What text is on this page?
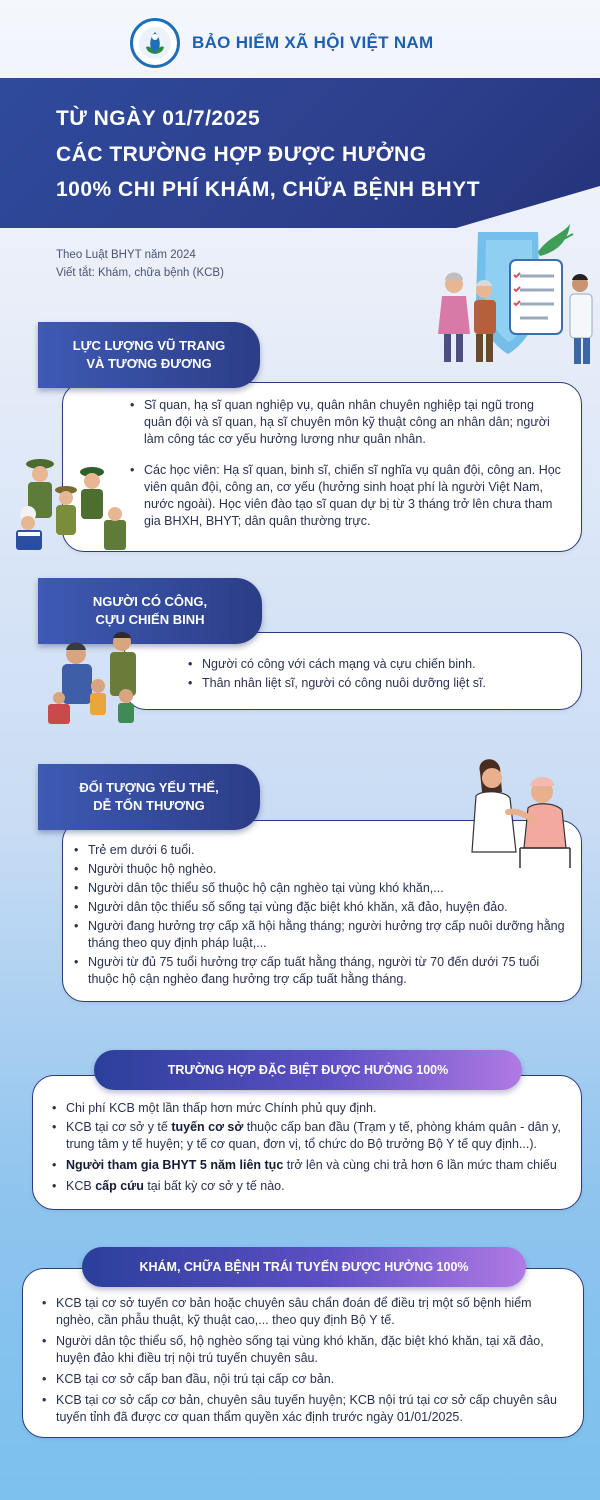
BẢO HIỂM XÃ HỘI VIỆT NAM
TỪ NGÀY 01/7/2025
CÁC TRƯỜNG HỢP ĐƯỢC HƯỞNG
100% CHI PHÍ KHÁM, CHỮA BỆNH BHYT
Theo Luật BHYT năm 2024
Viết tắt: Khám, chữa bệnh (KCB)
LỰC LƯỢNG VŨ TRANG
VÀ TƯƠNG ĐƯƠNG
• Sĩ quan, hạ sĩ quan nghiệp vụ, quân nhân chuyên nghiệp tại ngũ trong quân đội và sĩ quan, hạ sĩ chuyên môn kỹ thuật công an nhân dân; người làm công tác cơ yếu hưởng lương như quân nhân.
• Các học viên: Hạ sĩ quan, binh sĩ, chiến sĩ nghĩa vụ quân đội, công an. Học viên quân đội, công an, cơ yếu (hưởng sinh hoạt phí là người Việt Nam, nước ngoài). Học viên đào tạo sĩ quan dự bị từ 3 tháng trở lên chưa tham gia BHXH, BHYT; dân quân thường trực.
NGƯỜI CÓ CÔNG,
CỰU CHIẾN BINH
• Người có công với cách mạng và cựu chiến binh.
• Thân nhân liệt sĩ, người có công nuôi dưỡng liệt sĩ.
ĐỐI TƯỢNG YẾU THẾ,
DỄ TỔN THƯƠNG
• Trẻ em dưới 6 tuổi.
• Người thuộc hộ nghèo.
• Người dân tộc thiểu số thuộc hộ cận nghèo tại vùng khó khăn,...
• Người dân tộc thiểu số sống tại vùng đặc biệt khó khăn, xã đảo, huyện đảo.
• Người đang hưởng trợ cấp xã hội hằng tháng; người hưởng trợ cấp nuôi dưỡng hằng tháng theo quy định pháp luật,...
• Người từ đủ 75 tuổi hưởng trợ cấp tuất hằng tháng, người từ 70 đến dưới 75 tuổi thuộc hộ cận nghèo đang hưởng trợ cấp tuất hằng tháng.
TRƯỜNG HỢP ĐẶC BIỆT ĐƯỢC HƯỞNG 100%
• Chi phí KCB một lần thấp hơn mức Chính phủ quy định.
• KCB tại cơ sở y tế tuyến cơ sở thuộc cấp ban đầu (Trạm y tế, phòng khám quân - dân y, trung tâm y tế huyện; y tế cơ quan, đơn vị, tổ chức do Bộ trưởng Bộ Y tế quy định...).
• Người tham gia BHYT 5 năm liên tục trở lên và cùng chi trả hơn 6 lần mức tham chiếu
• KCB cấp cứu tại bất kỳ cơ sở y tế nào.
KHÁM, CHỮA BỆNH TRÁI TUYẾN ĐƯỢC HƯỞNG 100%
• KCB tại cơ sở tuyến cơ bản hoặc chuyên sâu chẩn đoán để điều trị một số bệnh hiểm nghèo, cần phẫu thuật, kỹ thuật cao,... theo quy định Bộ Y tế.
• Người dân tộc thiểu số, hộ nghèo sống tại vùng khó khăn, đặc biệt khó khăn, tại xã đảo, huyện đảo khi điều trị nội trú tuyến chuyên sâu.
• KCB tại cơ sở cấp ban đầu, nội trú tại cấp cơ bản.
• KCB tại cơ sở cấp cơ bản, chuyên sâu tuyến huyện; KCB nội trú tại cơ sở cấp chuyên sâu tuyến tỉnh đã được cơ quan thẩm quyền xác định trước ngày 01/01/2025.
